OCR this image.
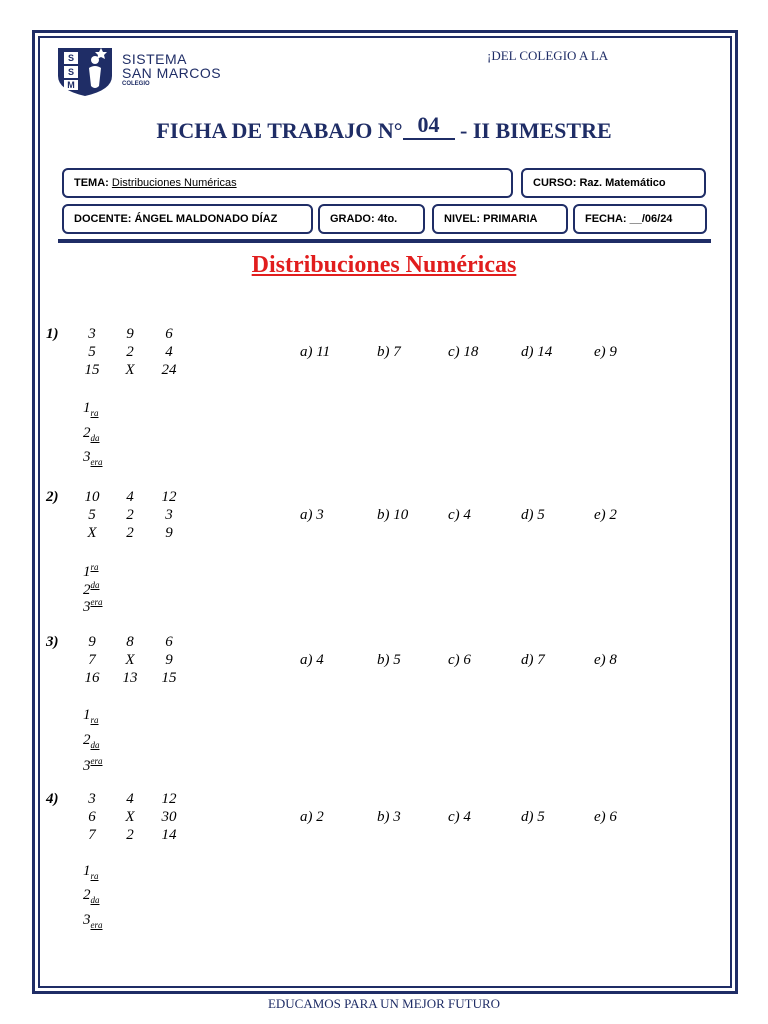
S
S
M
SISTEMA
SAN MARCOS
COLEGIO
¡DEL COLEGIO A LA
FICHA DE TRABAJO N° 04 - II BIMESTRE
TEMA: Distribuciones Numéricas	CURSO: Raz. Matemático
DOCENTE: ÁNGEL MALDONADO DÍAZ	GRADO: 4to.	NIVEL: PRIMARIA	FECHA: __/06/24
Distribuciones Numéricas
1)	3	9	6
5	2	4
15	X	24
a) 11	b) 7	c) 18	d) 14	e) 9
$1_{ra}$
$2_{da}$
$3_{era}$
2)	10	4	12
5	2	3
X	2	9
a) 3	b) 10	c) 4	d) 5	e) 2
$1^{ra}$
$2^{da}$
$3^{era}$
3)	9	8	6
7	X	9
16	13	15
a) 4	b) 5	c) 6	d) 7	e) 8
$1_{ra}$
$2_{da}$
$3^{era}$
4)	3	4	12
6	X	30
7	2	14
a) 2	b) 3	c) 4	d) 5	e) 6
$1_{ra}$
$2_{da}$
$3_{era}$
EDUCAMOS PARA UN MEJOR FUTURO
